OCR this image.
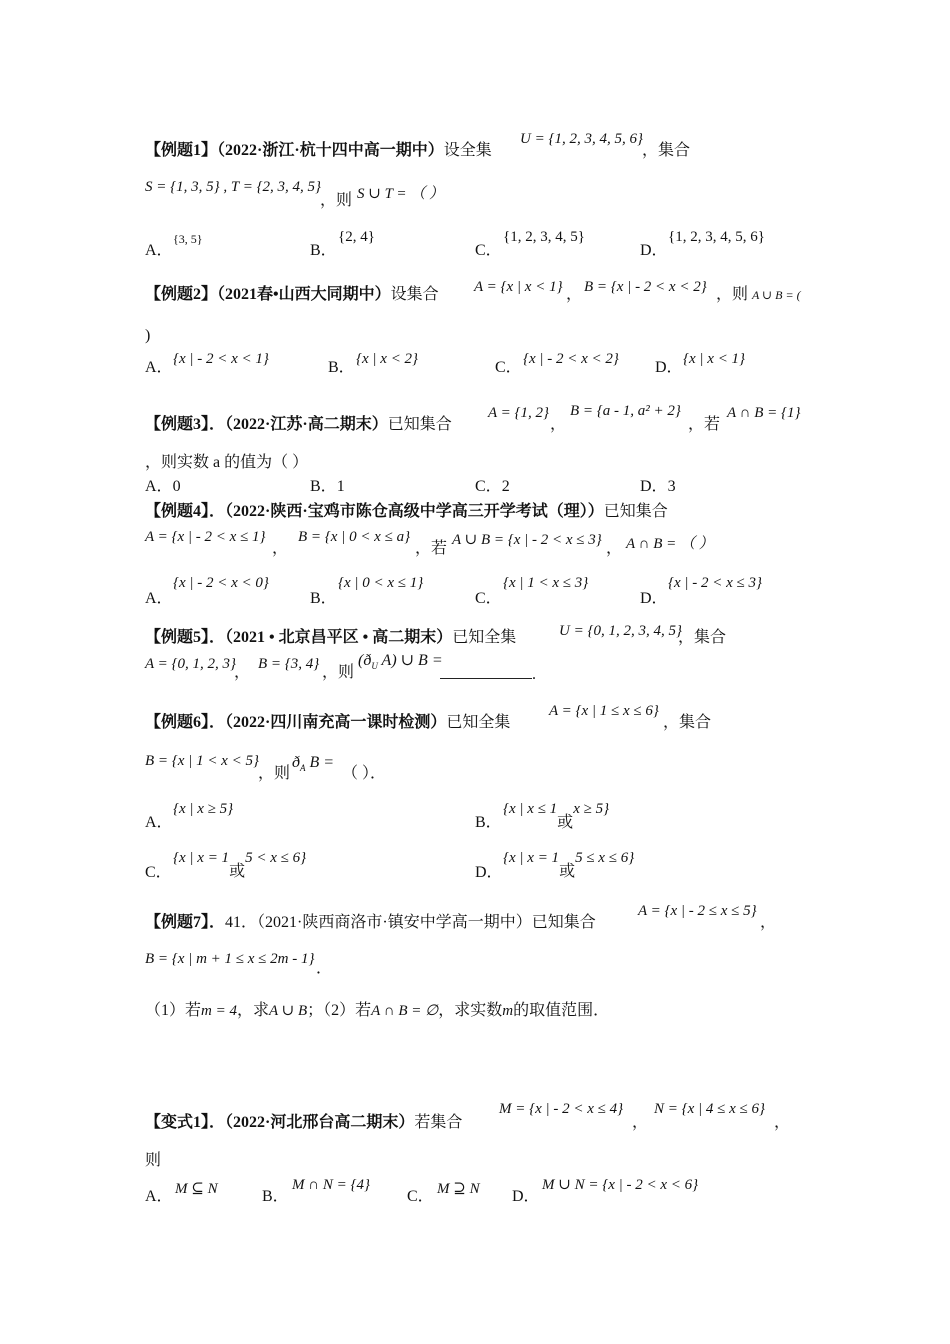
【例题1】（2022·浙江·杭十四中高一期中）设全集
U = {1, 2, 3, 4, 5, 6}
，集合
S = {1, 3, 5} , T = {2, 3, 4, 5}
，则 S ∪ T = （ ）
A．
{3, 5}
B．
{2, 4}
C．
{1, 2, 3, 4, 5}
D．
{1, 2, 3, 4, 5, 6}
【例题2】（2021春•山西大同期中）设集合 A = {x | x < 1} ， B = {x | - 2 < x < 2} ，则 A ∪ B = (
)
A． {x | - 2 < x < 1}	B． {x | x < 2}	C． {x | - 2 < x < 2} D． {x | x < 1}
【例题3】．（2022·江苏·高二期末）已知集合
A = {1, 2}
，
B = {a - 1, a² + 2}
，若
A ∩ B = {1}
，则实数 a 的值为（ ）
A．0	B．1	C．2	D．3
【例题4】．（2022·陕西·宝鸡市陈仓高级中学高三开学考试（理））已知集合
A = {x | - 2 < x ≤ 1}
，
B = {x | 0 < x ≤ a}
，若 A ∪ B = {x | - 2 < x ≤ 3} ， A ∩ B = （ ）
A．
{x | - 2 < x < 0}
B．
{x | 0 < x ≤ 1}
C．
{x | 1 < x ≤ 3}
D．
{x | - 2 < x ≤ 3}
【例题5】．（2021 • 北京昌平区 • 高二期末）已知全集	U = {0, 1, 2, 3, 4, 5}
，集合
A = {0, 1, 2, 3}
， B = {3, 4} ，则
($ð_U$ A) ∪ B =
.
【例题6】．（2022·四川南充高一课时检测）已知全集
A = {x | 1 ≤ x ≤ 6}
，集合
B = {x | 1 < x < 5}
，则
$ð_A$ B =
（ ）．
A．
{x | x ≥ 5}
B．
{x | x ≤ 1或x ≥ 5}
C．
{x | x = 1或5 < x ≤ 6}
D．
{x | x = 1或5 ≤ x ≤ 6}
【例题7】．41．（2021·陕西商洛市·镇安中学高一期中）已知集合
A = {x | - 2 ≤ x ≤ 5}
，
B = {x | m + 1 ≤ x ≤ 2m - 1}
．
（1）若m = 4，求A ∪ B；（2）若A ∩ B = ∅，求实数m的取值范围．
【变式1】．（2022·河北邢台高二期末）若集合
M = {x | - 2 < x ≤ 4}
，
N = {x | 4 ≤ x ≤ 6}
，
则
A． M ⊆ N	B．
M ∩ N = {4}
C． M ⊇ N D．
M ∪ N = {x | - 2 < x < 6}
